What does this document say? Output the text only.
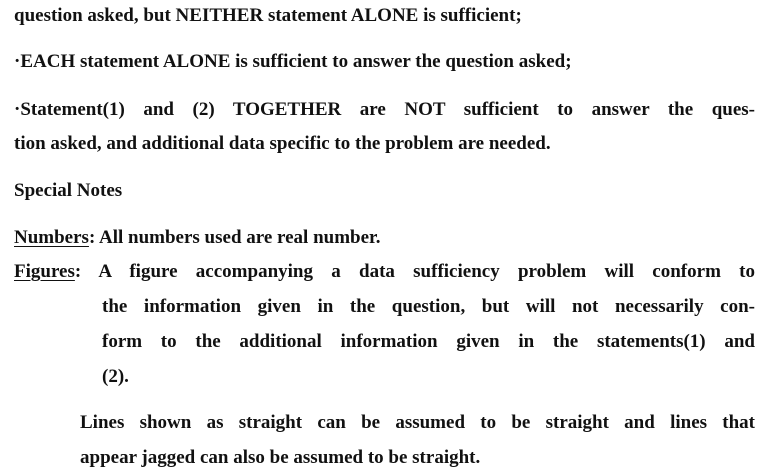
question asked, but NEITHER statement ALONE is sufficient;
·EACH statement ALONE is sufficient to answer the question asked;
·Statement(1) and (2) TOGETHER are NOT sufficient to answer the ques-
tion asked, and additional data specific to the problem are needed.
Special Notes
Numbers: All numbers used are real number.
Figures: A figure accompanying a data sufficiency problem will conform to
the information given in the question, but will not necessarily con-
form to the additional information given in the statements(1) and
(2).
Lines shown as straight can be assumed to be straight and lines that
appear jagged can also be assumed to be straight.
